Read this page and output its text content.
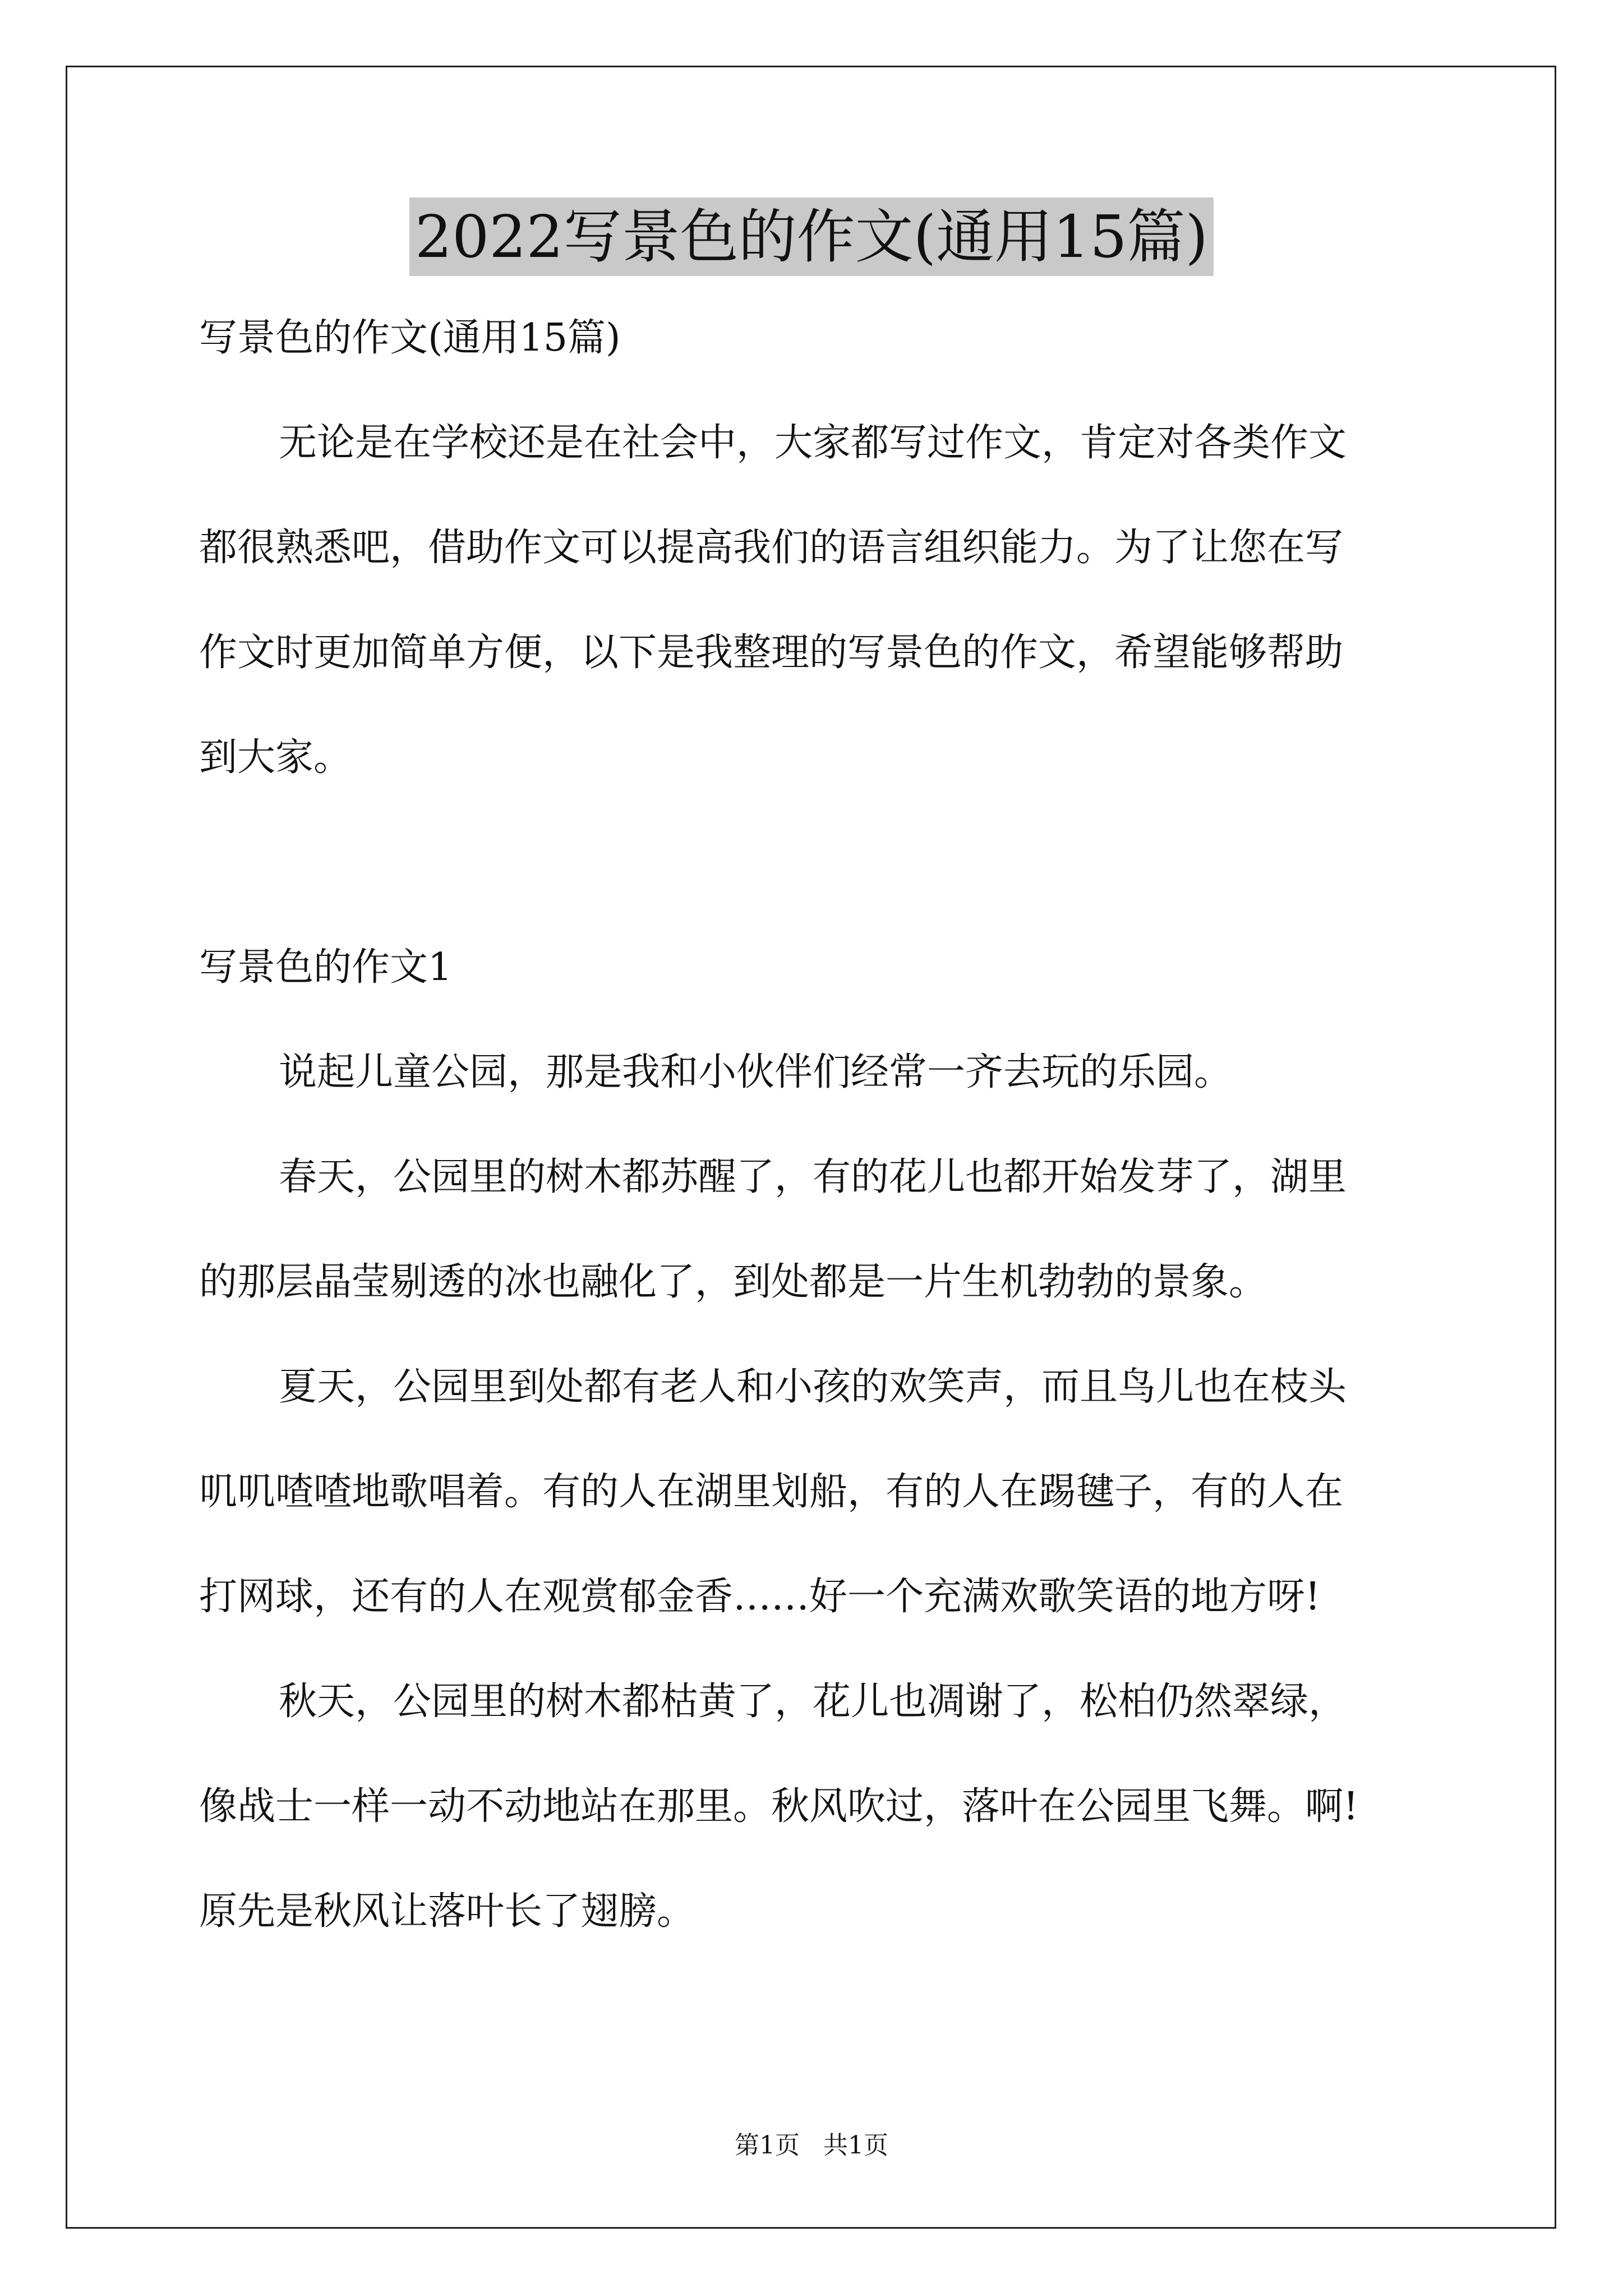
2022写景色的作文(通用15篇)
写景色的作文(通用15篇)
无论是在学校还是在社会中，大家都写过作文，肯定对各类作文
都很熟悉吧，借助作文可以提高我们的语言组织能力。为了让您在写
作文时更加简单方便，以下是我整理的写景色的作文，希望能够帮助
到大家。
写景色的作文1
说起儿童公园，那是我和小伙伴们经常一齐去玩的乐园。
春天，公园里的树木都苏醒了，有的花儿也都开始发芽了，湖里
的那层晶莹剔透的冰也融化了，到处都是一片生机勃勃的景象。
夏天，公园里到处都有老人和小孩的欢笑声，而且鸟儿也在枝头
叽叽喳喳地歌唱着。有的人在湖里划船，有的人在踢毽子，有的人在
打网球，还有的人在观赏郁金香……好一个充满欢歌笑语的地方呀!
秋天，公园里的树木都枯黄了，花儿也凋谢了，松柏仍然翠绿，
像战士一样一动不动地站在那里。秋风吹过，落叶在公园里飞舞。啊!
原先是秋风让落叶长了翅膀。
第1页   共1页
